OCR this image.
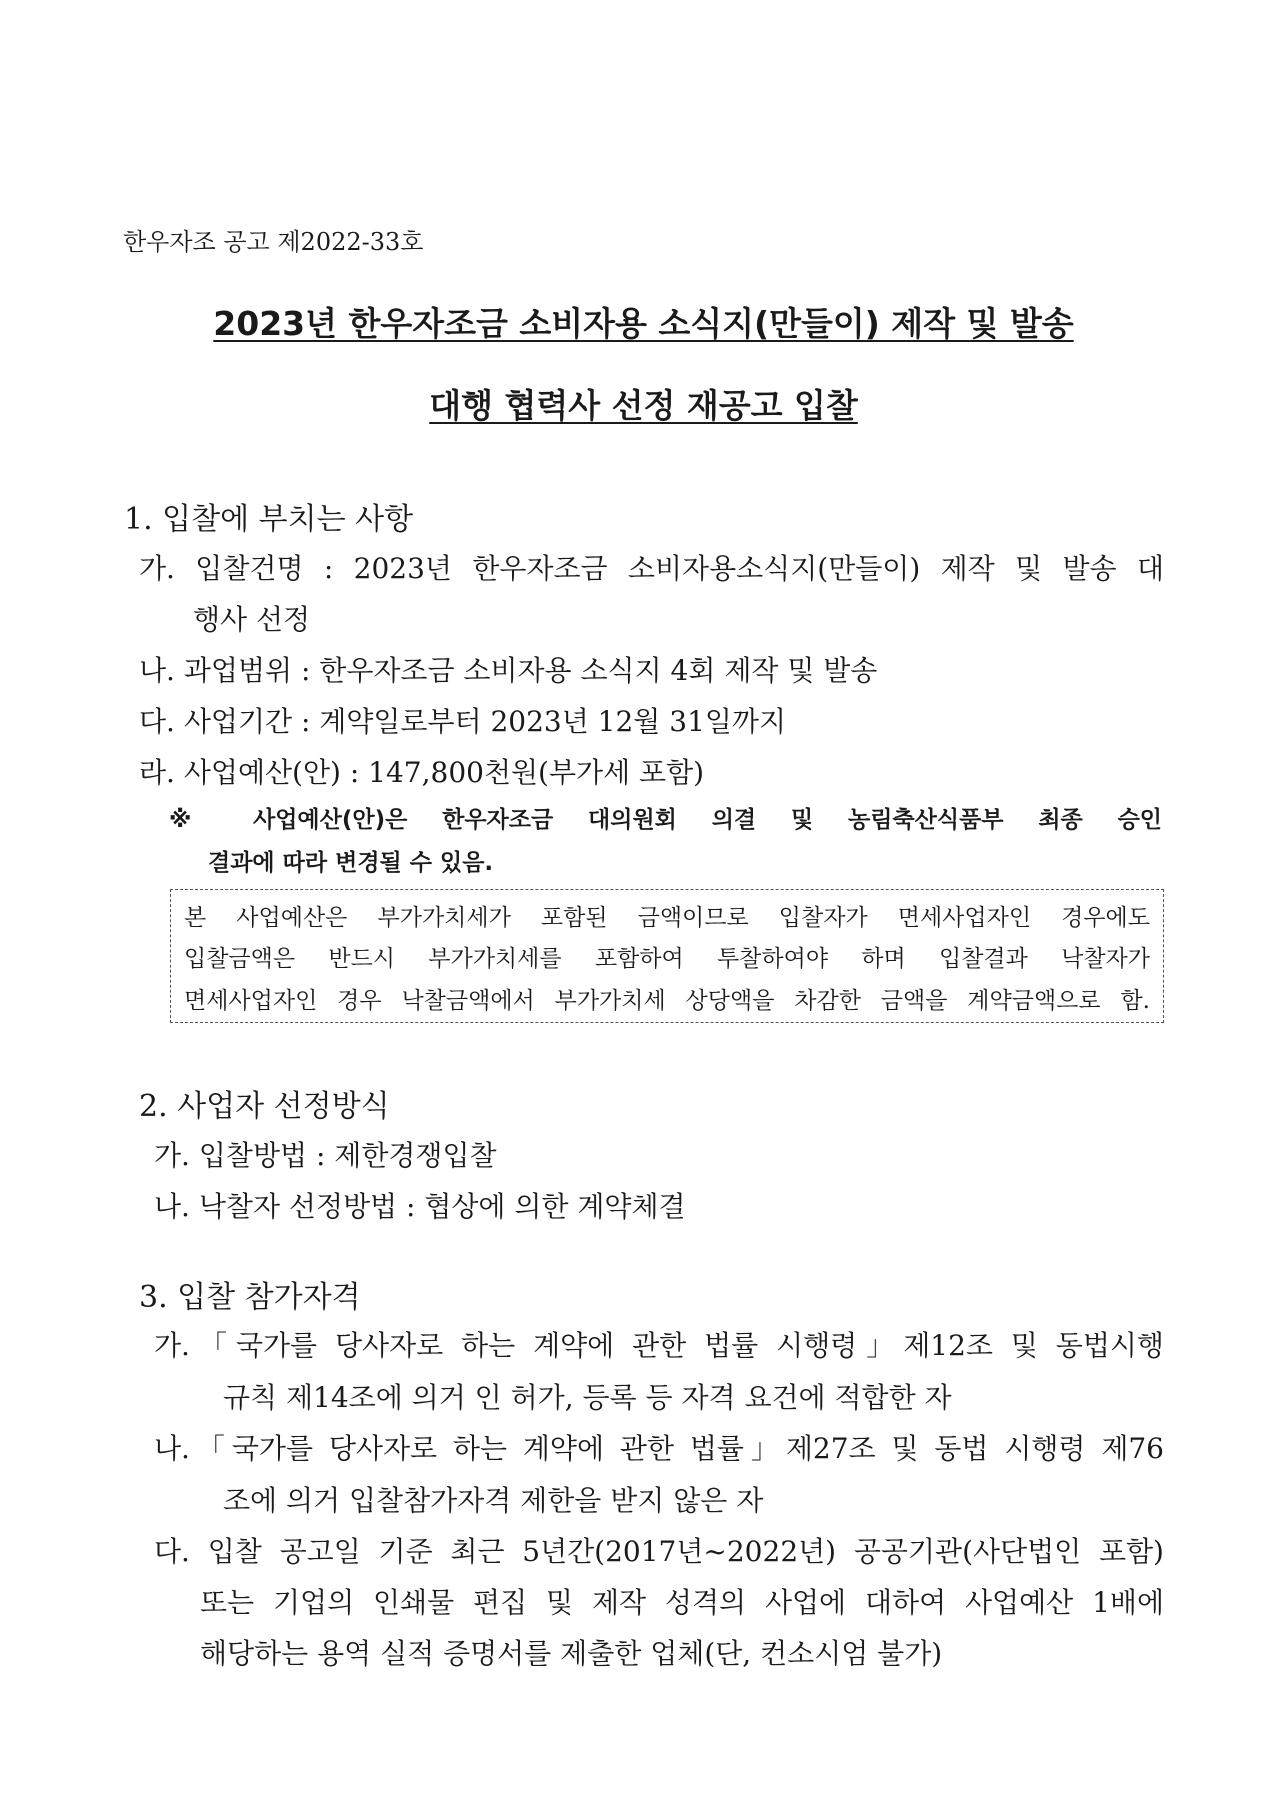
한우자조 공고 제2022-33호
2023년 한우자조금 소비자용 소식지(만들이) 제작 및 발송
대행 협력사 선정 재공고 입찰
1. 입찰에 부치는 사항
가. 입찰건명 : 2023년 한우자조금 소비자용소식지(만들이) 제작 및 발송 대
행사 선정
나. 과업범위 : 한우자조금 소비자용 소식지 4회 제작 및 발송
다. 사업기간 : 계약일로부터 2023년 12월 31일까지
라. 사업예산(안) : 147,800천원(부가세 포함)
※ 사업예산(안)은 한우자조금 대의원회 의결 및 농림축산식품부 최종 승인
결과에 따라 변경될 수 있음.
본 사업예산은 부가가치세가 포함된 금액이므로 입찰자가 면세사업자인 경우에도
입찰금액은 반드시 부가가치세를 포함하여 투찰하여야 하며 입찰결과 낙찰자가
면세사업자인 경우 낙찰금액에서 부가가치세 상당액을 차감한 금액을 계약금액으로 함.
2. 사업자 선정방식
가. 입찰방법 : 제한경쟁입찰
나. 낙찰자 선정방법 : 협상에 의한 계약체결
3. 입찰 참가자격
가.「국가를 당사자로 하는 계약에 관한 법률 시행령」제12조 및 동법시행
규칙 제14조에 의거 인 허가, 등록 등 자격 요건에 적합한 자
나.「국가를 당사자로 하는 계약에 관한 법률」제27조 및 동법 시행령 제76
조에 의거 입찰참가자격 제한을 받지 않은 자
다. 입찰 공고일 기준 최근 5년간(2017년~2022년) 공공기관(사단법인 포함)
또는 기업의 인쇄물 편집 및 제작 성격의 사업에 대하여 사업예산 1배에
해당하는 용역 실적 증명서를 제출한 업체(단, 컨소시엄 불가)
